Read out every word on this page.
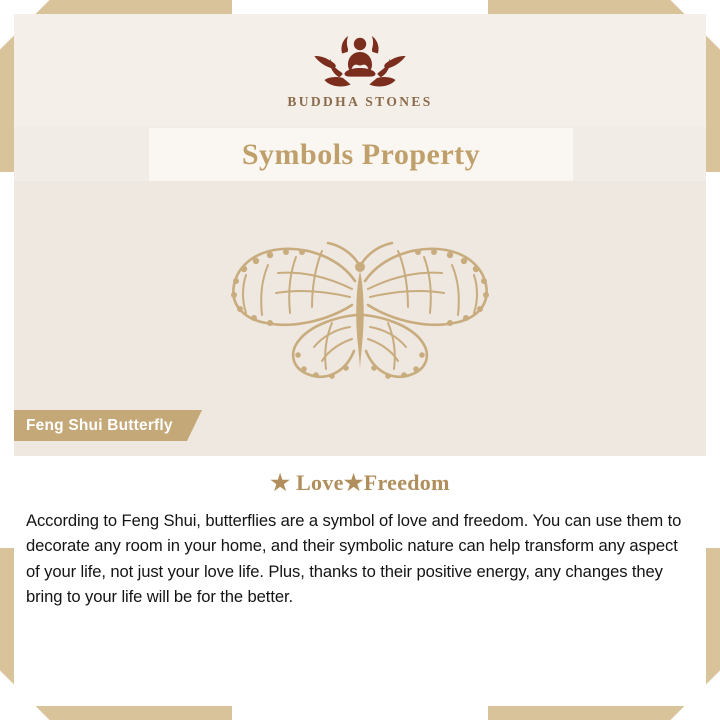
BUDDHA STONES
Symbols Property
Feng Shui Butterfly
★ Love★Freedom
According to Feng Shui, butterflies are a symbol of love and freedom. You can use them to decorate any room in your home, and their symbolic nature can help transform any aspect of your life, not just your love life. Plus, thanks to their positive energy, any changes they bring to your life will be for the better.
